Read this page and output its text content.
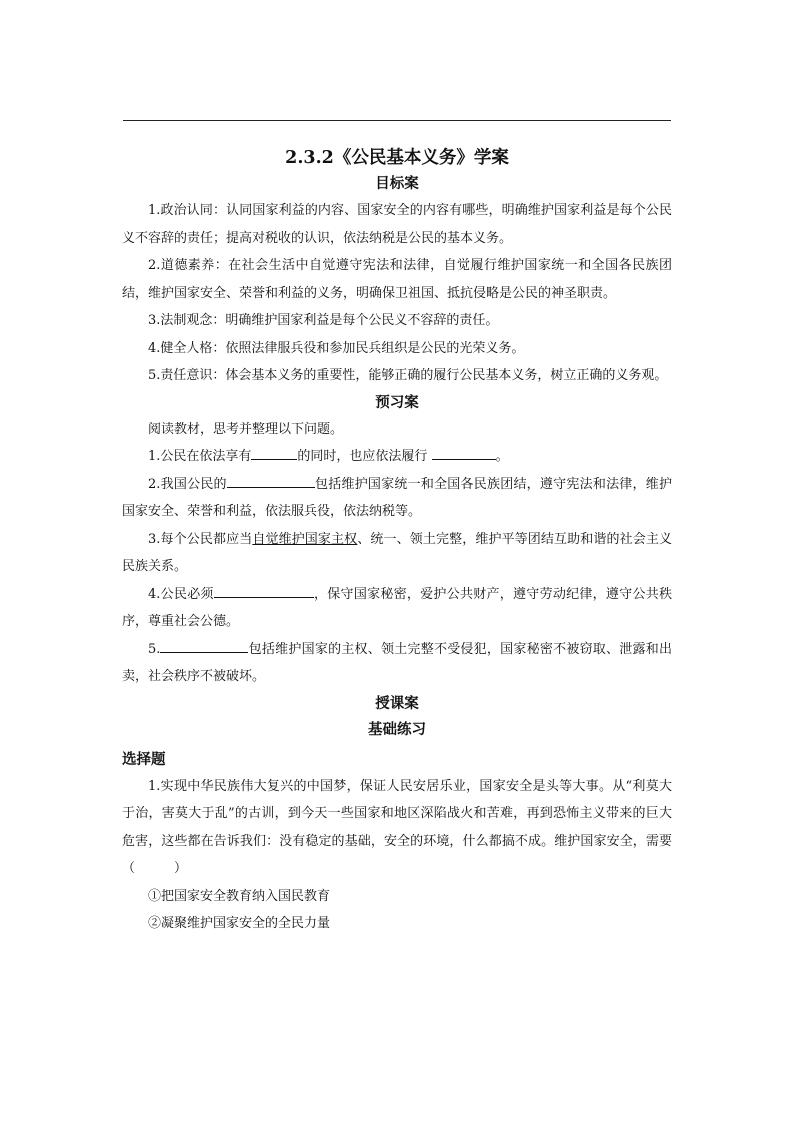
2.3.2《公民基本义务》学案
目标案

1.政治认同：认同国家利益的内容、国家安全的内容有哪些，明确维护国家利益是每个公民义不容辞的责任；提高对税收的认识，依法纳税是公民的基本义务。

2.道德素养：在社会生活中自觉遵守宪法和法律，自觉履行维护国家统一和全国各民族团结，维护国家安全、荣誉和利益的义务，明确保卫祖国、抵抗侵略是公民的神圣职责。

3.法制观念：明确维护国家利益是每个公民义不容辞的责任。

4.健全人格：依照法律服兵役和参加民兵组织是公民的光荣义务。

5.责任意识：体会基本义务的重要性，能够正确的履行公民基本义务，树立正确的义务观。

预习案

阅读教材，思考并整理以下问题。

1.公民在依法享有	的同时，也应依法履行	。

2.我国公民的	包括维护国家统一和全国各民族团结，遵守宪法和法律，维护国家安全、荣誉和利益，依法服兵役，依法纳税等。

3.每个公民都应当自觉维护国家主权、统一、领土完整，维护平等团结互助和谐的社会主义民族关系。

4.公民必须	，保守国家秘密，爱护公共财产，遵守劳动纪律，遵守公共秩序，尊重社会公德。

5.	包括维护国家的主权、领土完整不受侵犯，国家秘密不被窃取、泄露和出卖，社会秩序不被破坏。

授课案
基础练习
选择题

1.实现中华民族伟大复兴的中国梦，保证人民安居乐业，国家安全是头等大事。从“利莫大于治，害莫大于乱”的古训，到今天一些国家和地区深陷战火和苦难，再到恐怖主义带来的巨大危害，这些都在告诉我们：没有稳定的基础，安全的环境，什么都搞不成。维护国家安全，需要（　　　）

①把国家安全教育纳入国民教育

②凝聚维护国家安全的全民力量
